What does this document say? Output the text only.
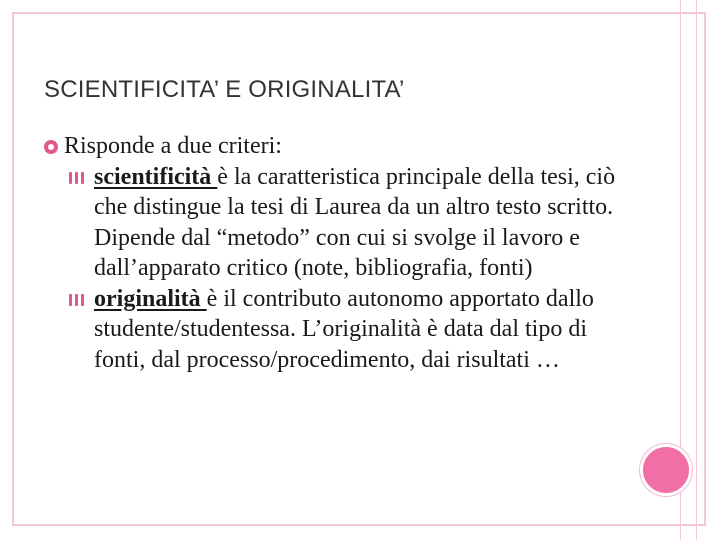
SCIENTIFICITA’ E ORIGINALITA’
Risponde a due criteri:

scientificità è la caratteristica principale della tesi, ciò che distingue la tesi di Laurea da un altro testo scritto. Dipende dal “metodo” con cui si svolge il lavoro e dall’apparato critico (note, bibliografia, fonti)

originalità è il contributo autonomo apportato dallo studente/studentessa. L’originalità è data dal tipo di fonti, dal processo/procedimento, dai risultati …
